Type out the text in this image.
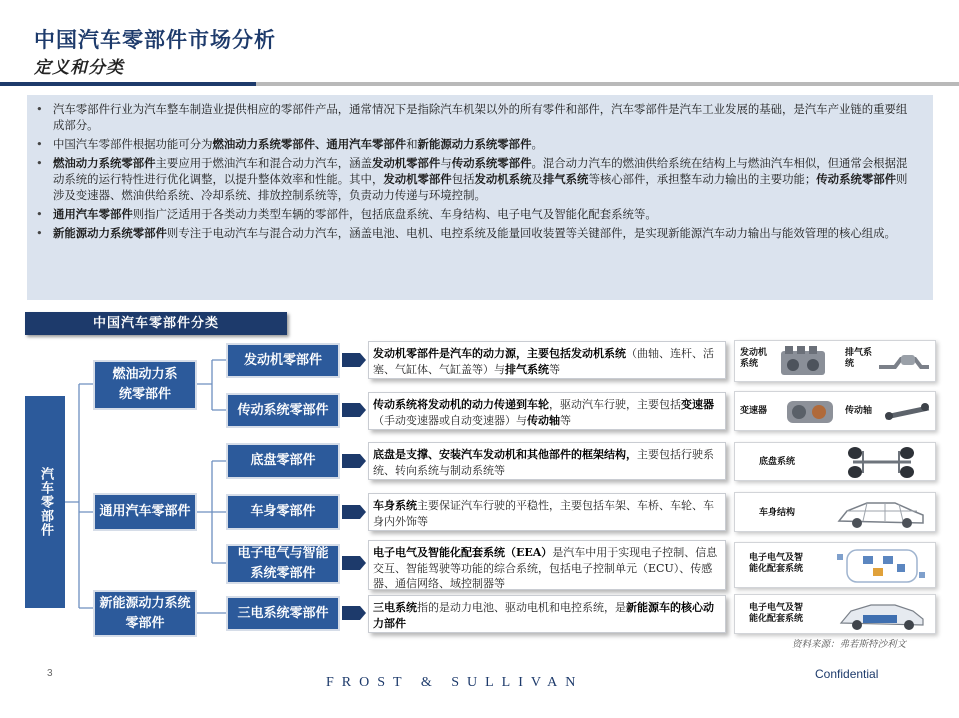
中国汽车零部件市场分析
定义和分类
• 汽车零部件行业为汽车整车制造业提供相应的零部件产品，通常情况下是指除汽车机架以外的所有零件和部件，汽车零部件是汽车工业发展的基础，是汽车产业链的重要组成部分。
• 中国汽车零部件根据功能可分为燃油动力系统零部件、通用汽车零部件和新能源动力系统零部件。
• 燃油动力系统零部件主要应用于燃油汽车和混合动力汽车，涵盖发动机零部件与传动系统零部件。混合动力汽车的燃油供给系统在结构上与燃油汽车相似，但通常会根据混动系统的运行特性进行优化调整，以提升整体效率和性能。其中，发动机零部件包括发动机系统及排气系统等核心部件，承担整车动力输出的主要功能；传动系统零部件则涉及变速器、燃油供给系统、冷却系统、排放控制系统等，负责动力传递与环境控制。
• 通用汽车零部件则指广泛适用于各类动力类型车辆的零部件，包括底盘系统、车身结构、电子电气及智能化配套系统等。
• 新能源动力系统零部件则专注于电动汽车与混合动力汽车，涵盖电池、电机、电控系统及能量回收装置等关键部件，是实现新能源汽车动力输出与能效管理的核心组成。
中国汽车零部件分类
汽车零部件
燃油动力系统零部件
通用汽车零部件
新能源动力系统零部件
发动机零部件
传动系统零部件
底盘零部件
车身零部件
电子电气与智能系统零部件
三电系统零部件
发动机零部件是汽车的动力源，主要包括发动机系统（曲轴、连杆、活塞、气缸体、气缸盖等）与排气系统等
传动系统将发动机的动力传递到车轮，驱动汽车行驶，主要包括变速器（手动变速器或自动变速器）与传动轴等
底盘是支撑、安装汽车发动机和其他部件的框架结构，主要包括行驶系统、转向系统与制动系统等
车身系统主要保证汽车行驶的平稳性，主要包括车架、车桥、车轮、车身内外饰等
电子电气及智能化配套系统（EEA）是汽车中用于实现电子控制、信息交互、智能驾驶等功能的综合系统，包括电子控制单元（ECU）、传感器、通信网络、域控制器等
三电系统指的是动力电池、驱动电机和电控系统，是新能源车的核心动力部件
发动机系统
排气系统
变速器	传动轴
底盘系统
车身结构
电子电气及智能化配套系统
电子电气及智能化配套系统
资料来源：弗若斯特沙利文
3
FROST & SULLIVAN
Confidential
